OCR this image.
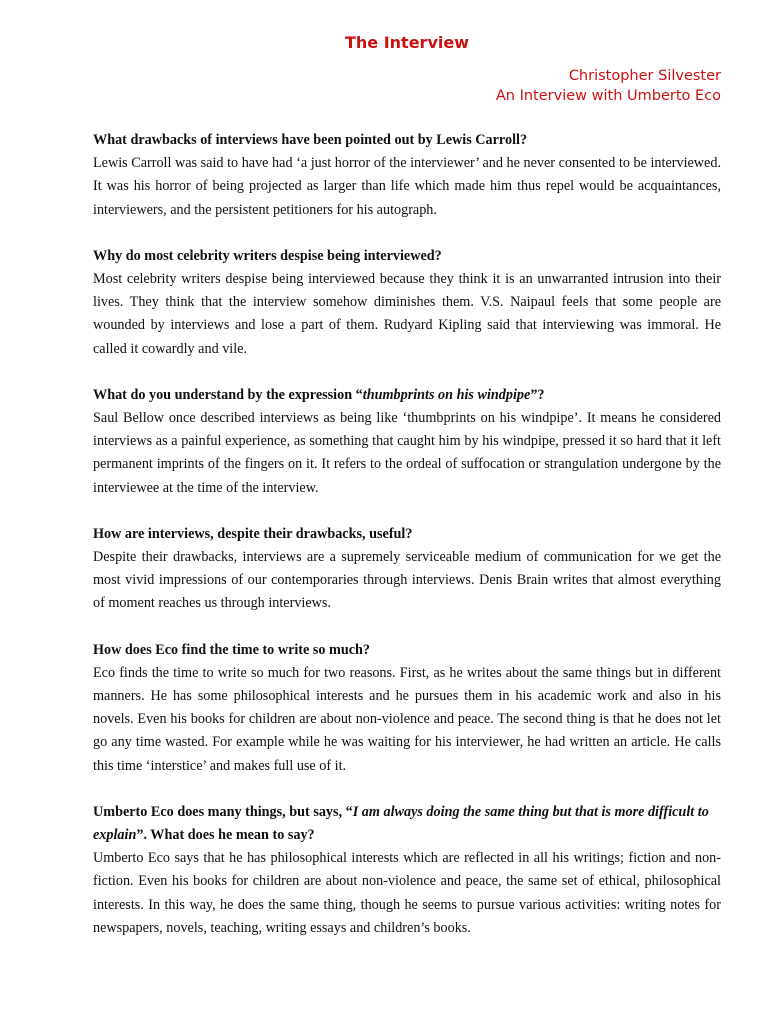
The Interview
Christopher Silvester
An Interview with Umberto Eco

What drawbacks of interviews have been pointed out by Lewis Carroll?

Lewis Carroll was said to have had ‘a just horror of the interviewer’ and he never consented to be interviewed. It was his horror of being projected as larger than life which made him thus repel would be acquaintances, interviewers, and the persistent petitioners for his autograph.

Why do most celebrity writers despise being interviewed?

Most celebrity writers despise being interviewed because they think it is an unwarranted intrusion into their lives. They think that the interview somehow diminishes them. V.S. Naipaul feels that some people are wounded by interviews and lose a part of them. Rudyard Kipling said that interviewing was immoral. He called it cowardly and vile.

What do you understand by the expression “thumbprints on his windpipe”?

Saul Bellow once described interviews as being like ‘thumbprints on his windpipe’. It means he considered interviews as a painful experience, as something that caught him by his windpipe, pressed it so hard that it left permanent imprints of the fingers on it. It refers to the ordeal of suffocation or strangulation undergone by the interviewee at the time of the interview.

How are interviews, despite their drawbacks, useful?

Despite their drawbacks, interviews are a supremely serviceable medium of communication for we get the most vivid impressions of our contemporaries through interviews. Denis Brain writes that almost everything of moment reaches us through interviews.

How does Eco find the time to write so much?

Eco finds the time to write so much for two reasons. First, as he writes about the same things but in different manners. He has some philosophical interests and he pursues them in his academic work and also in his novels. Even his books for children are about non-violence and peace. The second thing is that he does not let go any time wasted. For example while he was waiting for his interviewer, he had written an article. He calls this time ‘interstice’ and makes full use of it.

Umberto Eco does many things, but says, “I am always doing the same thing but that is more difficult to explain”. What does he mean to say?

Umberto Eco says that he has philosophical interests which are reflected in all his writings; fiction and non-fiction. Even his books for children are about non-violence and peace, the same set of ethical, philosophical interests. In this way, he does the same thing, though he seems to pursue various activities: writing notes for newspapers, novels, teaching, writing essays and children’s books.
